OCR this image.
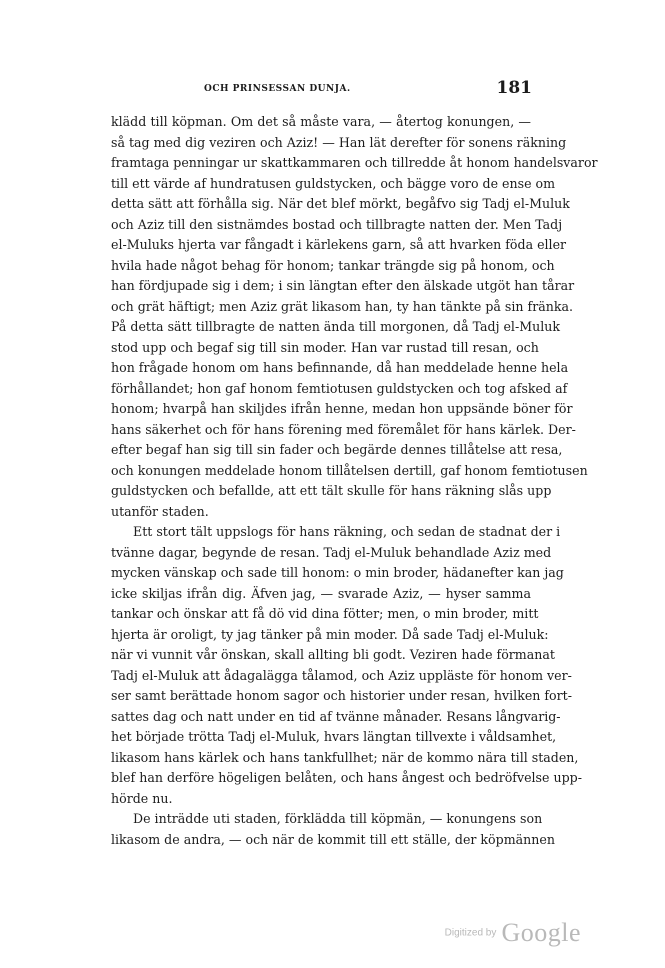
OCH PRINSESSAN DUNJA.	181
klädd till köpman. Om det så måste vara, — återtog konungen, —
så tag med dig veziren och Aziz! — Han lät derefter för sonens räkning
framtaga penningar ur skattkammaren och tillredde åt honom handelsvaror
till ett värde af hundratusen guldstycken, och bägge voro de ense om
detta sätt att förhålla sig. När det blef mörkt, begåfvo sig Tadj el-Muluk
och Aziz till den sistnämdes bostad och tillbragte natten der. Men Tadj
el-Muluks hjerta var fångadt i kärlekens garn, så att hvarken föda eller
hvila hade något behag för honom; tankar trängde sig på honom, och
han fördjupade sig i dem; i sin längtan efter den älskade utgöt han tårar
och grät häftigt; men Aziz grät likasom han, ty han tänkte på sin fränka.
På detta sätt tillbragte de natten ända till morgonen, då Tadj el-Muluk
stod upp och begaf sig till sin moder. Han var rustad till resan, och
hon frågade honom om hans befinnande, då han meddelade henne hela
förhållandet; hon gaf honom femtiotusen guldstycken och tog afsked af
honom; hvarpå han skiljdes ifrån henne, medan hon uppsände böner för
hans säkerhet och för hans förening med föremålet för hans kärlek. Der-
efter begaf han sig till sin fader och begärde dennes tillåtelse att resa,
och konungen meddelade honom tillåtelsen dertill, gaf honom femtiotusen
guldstycken och befallde, att ett tält skulle för hans räkning slås upp
utanför staden.
Ett stort tält uppslogs för hans räkning, och sedan de stadnat der i
tvänne dagar, begynde de resan. Tadj el-Muluk behandlade Aziz med
mycken vänskap och sade till honom: o min broder, hädanefter kan jag
icke skiljas ifrån dig. Äfven jag, — svarade Aziz, — hyser samma
tankar och önskar att få dö vid dina fötter; men, o min broder, mitt
hjerta är oroligt, ty jag tänker på min moder. Då sade Tadj el-Muluk:
när vi vunnit vår önskan, skall allting bli godt. Veziren hade förmanat
Tadj el-Muluk att ådagalägga tålamod, och Aziz uppläste för honom ver-
ser samt berättade honom sagor och historier under resan, hvilken fort-
sattes dag och natt under en tid af tvänne månader. Resans långvarig-
het började trötta Tadj el-Muluk, hvars längtan tillvexte i våldsamhet,
likasom hans kärlek och hans tankfullhet; när de kommo nära till staden,
blef han derföre högeligen belåten, och hans ångest och bedröfvelse upp-
hörde nu.
De inträdde uti staden, förklädda till köpmän, — konungens son
likasom de andra, — och när de kommit till ett ställe, der köpmännen
Digitized by Google
